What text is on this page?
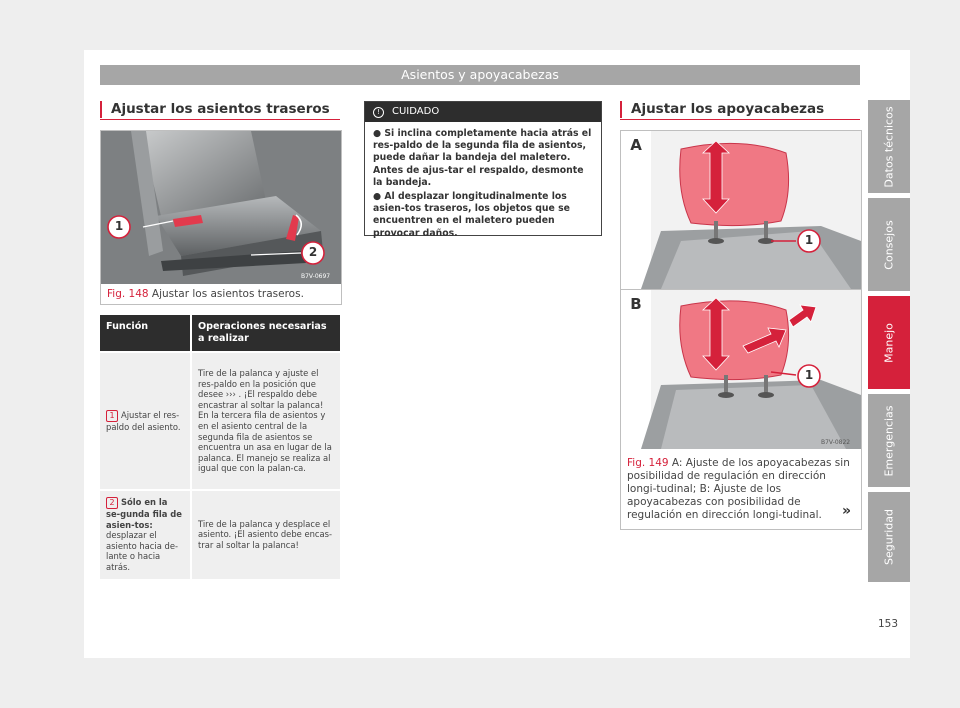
Asientos y apoyacabezas
Ajustar los asientos traseros
1
2
B7V-0697
Fig. 148 Ajustar los asientos traseros.
Función	Operaciones necesarias a realizar
1 Ajustar el res-paldo del asiento.	Tire de la palanca y ajuste el res-paldo en la posición que desee ››› . ¡El respaldo debe encastrar al soltar la palanca! En la tercera fila de asientos y en el asiento central de la segunda fila de asientos se encuentra un asa en lugar de la palanca. El manejo se realiza al igual que con la palan-ca.
2 Sólo en la se-gunda fila de asien-tos: desplazar el asiento hacia de-lante o hacia atrás.	Tire de la palanca y desplace el asiento. ¡El asiento debe encas-trar al soltar la palanca!
! CUIDADO
● Si inclina completamente hacia atrás el res-paldo de la segunda fila de asientos, puede dañar la bandeja del maletero. Antes de ajus-tar el respaldo, desmonte la bandeja.
● Al desplazar longitudinalmente los asien-tos traseros, los objetos que se encuentren en el maletero pueden provocar daños.
Ajustar los apoyacabezas
A
1
B
1
B7V-0822
Fig. 149 A: Ajuste de los apoyacabezas sin posibilidad de regulación en dirección longi-tudinal; B: Ajuste de los apoyacabezas con posibilidad de regulación en dirección longi-tudinal.	»
Datos técnicos
Consejos
Manejo
Emergencias
Seguridad
153
